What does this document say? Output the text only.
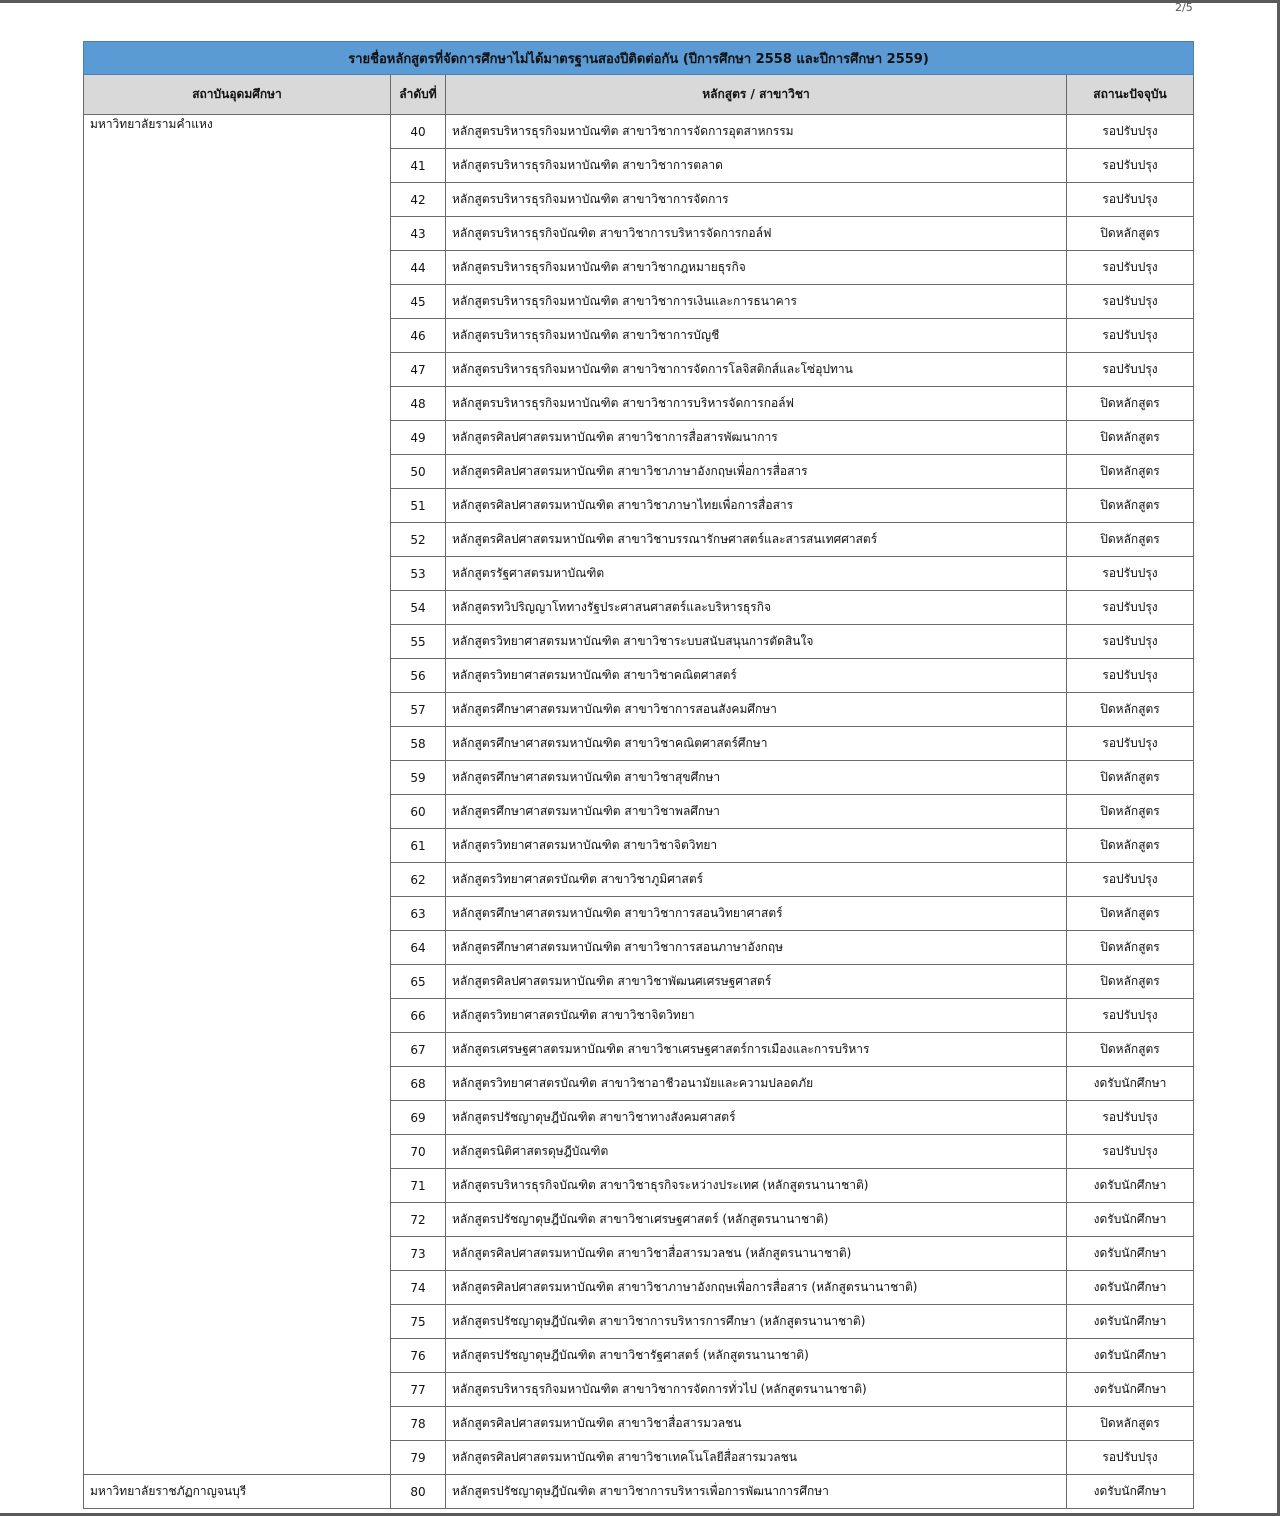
2/5
รายชื่อหลักสูตรที่จัดการศึกษาไม่ได้มาตรฐานสองปีติดต่อกัน (ปีการศึกษา 2558 และปีการศึกษา 2559)			
สถาบันอุดมศึกษา	ลำดับที่	หลักสูตร / สาขาวิชา	สถานะปัจจุบัน
มหาวิทยาลัยรามคำแหง	40	หลักสูตรบริหารธุรกิจมหาบัณฑิต สาขาวิชาการจัดการอุตสาหกรรม	รอปรับปรุง
	41	หลักสูตรบริหารธุรกิจมหาบัณฑิต สาขาวิชาการตลาด	รอปรับปรุง
	42	หลักสูตรบริหารธุรกิจมหาบัณฑิต สาขาวิชาการจัดการ	รอปรับปรุง
	43	หลักสูตรบริหารธุรกิจบัณฑิต สาขาวิชาการบริหารจัดการกอล์ฟ	ปิดหลักสูตร
	44	หลักสูตรบริหารธุรกิจมหาบัณฑิต สาขาวิชากฎหมายธุรกิจ	รอปรับปรุง
	45	หลักสูตรบริหารธุรกิจมหาบัณฑิต สาขาวิชาการเงินและการธนาคาร	รอปรับปรุง
	46	หลักสูตรบริหารธุรกิจมหาบัณฑิต สาขาวิชาการบัญชี	รอปรับปรุง
	47	หลักสูตรบริหารธุรกิจมหาบัณฑิต สาขาวิชาการจัดการโลจิสติกส์และโซ่อุปทาน	รอปรับปรุง
	48	หลักสูตรบริหารธุรกิจมหาบัณฑิต สาขาวิชาการบริหารจัดการกอล์ฟ	ปิดหลักสูตร
	49	หลักสูตรศิลปศาสตรมหาบัณฑิต สาขาวิชาการสื่อสารพัฒนาการ	ปิดหลักสูตร
	50	หลักสูตรศิลปศาสตรมหาบัณฑิต สาขาวิชาภาษาอังกฤษเพื่อการสื่อสาร	ปิดหลักสูตร
	51	หลักสูตรศิลปศาสตรมหาบัณฑิต สาขาวิชาภาษาไทยเพื่อการสื่อสาร	ปิดหลักสูตร
	52	หลักสูตรศิลปศาสตรมหาบัณฑิต สาขาวิชาบรรณารักษศาสตร์และสารสนเทศศาสตร์	ปิดหลักสูตร
	53	หลักสูตรรัฐศาสตรมหาบัณฑิต	รอปรับปรุง
	54	หลักสูตรทวิปริญญาโททางรัฐประศาสนศาสตร์และบริหารธุรกิจ	รอปรับปรุง
	55	หลักสูตรวิทยาศาสตรมหาบัณฑิต สาขาวิชาระบบสนับสนุนการตัดสินใจ	รอปรับปรุง
	56	หลักสูตรวิทยาศาสตรมหาบัณฑิต สาขาวิชาคณิตศาสตร์	รอปรับปรุง
	57	หลักสูตรศึกษาศาสตรมหาบัณฑิต สาขาวิชาการสอนสังคมศึกษา	ปิดหลักสูตร
	58	หลักสูตรศึกษาศาสตรมหาบัณฑิต สาขาวิชาคณิตศาสตร์ศึกษา	รอปรับปรุง
	59	หลักสูตรศึกษาศาสตรมหาบัณฑิต สาขาวิชาสุขศึกษา	ปิดหลักสูตร
	60	หลักสูตรศึกษาศาสตรมหาบัณฑิต สาขาวิชาพลศึกษา	ปิดหลักสูตร
	61	หลักสูตรวิทยาศาสตรมหาบัณฑิต สาขาวิชาจิตวิทยา	ปิดหลักสูตร
	62	หลักสูตรวิทยาศาสตรบัณฑิต สาขาวิชาภูมิศาสตร์	รอปรับปรุง
	63	หลักสูตรศึกษาศาสตรมหาบัณฑิต สาขาวิชาการสอนวิทยาศาสตร์	ปิดหลักสูตร
	64	หลักสูตรศึกษาศาสตรมหาบัณฑิต สาขาวิชาการสอนภาษาอังกฤษ	ปิดหลักสูตร
	65	หลักสูตรศิลปศาสตรมหาบัณฑิต สาขาวิชาพัฒนศเศรษฐศาสตร์	ปิดหลักสูตร
	66	หลักสูตรวิทยาศาสตรบัณฑิต สาขาวิชาจิตวิทยา	รอปรับปรุง
	67	หลักสูตรเศรษฐศาสตรมหาบัณฑิต สาขาวิชาเศรษฐศาสตร์การเมืองและการบริหาร	ปิดหลักสูตร
	68	หลักสูตรวิทยาศาสตรบัณฑิต สาขาวิชาอาชีวอนามัยและความปลอดภัย	งดรับนักศึกษา
	69	หลักสูตรปรัชญาดุษฎีบัณฑิต สาขาวิชาทางสังคมศาสตร์	รอปรับปรุง
	70	หลักสูตรนิติศาสตรดุษฎีบัณฑิต	รอปรับปรุง
	71	หลักสูตรบริหารธุรกิจบัณฑิต สาขาวิชาธุรกิจระหว่างประเทศ (หลักสูตรนานาชาติ)	งดรับนักศึกษา
	72	หลักสูตรปรัชญาดุษฎีบัณฑิต สาขาวิชาเศรษฐศาสตร์ (หลักสูตรนานาชาติ)	งดรับนักศึกษา
	73	หลักสูตรศิลปศาสตรมหาบัณฑิต สาขาวิชาสื่อสารมวลชน (หลักสูตรนานาชาติ)	งดรับนักศึกษา
	74	หลักสูตรศิลปศาสตรมหาบัณฑิต สาขาวิชาภาษาอังกฤษเพื่อการสื่อสาร (หลักสูตรนานาชาติ)	งดรับนักศึกษา
	75	หลักสูตรปรัชญาดุษฎีบัณฑิต สาขาวิชาการบริหารการศึกษา (หลักสูตรนานาชาติ)	งดรับนักศึกษา
	76	หลักสูตรปรัชญาดุษฎีบัณฑิต สาขาวิชารัฐศาสตร์ (หลักสูตรนานาชาติ)	งดรับนักศึกษา
	77	หลักสูตรบริหารธุรกิจมหาบัณฑิต สาขาวิชาการจัดการทั่วไป (หลักสูตรนานาชาติ)	งดรับนักศึกษา
	78	หลักสูตรศิลปศาสตรมหาบัณฑิต สาขาวิชาสื่อสารมวลชน	ปิดหลักสูตร
	79	หลักสูตรศิลปศาสตรมหาบัณฑิต สาขาวิชาเทคโนโลยีสื่อสารมวลชน	รอปรับปรุง
มหาวิทยาลัยราชภัฏกาญจนบุรี	80	หลักสูตรปรัชญาดุษฎีบัณฑิต สาขาวิชาการบริหารเพื่อการพัฒนาการศึกษา	งดรับนักศึกษา
